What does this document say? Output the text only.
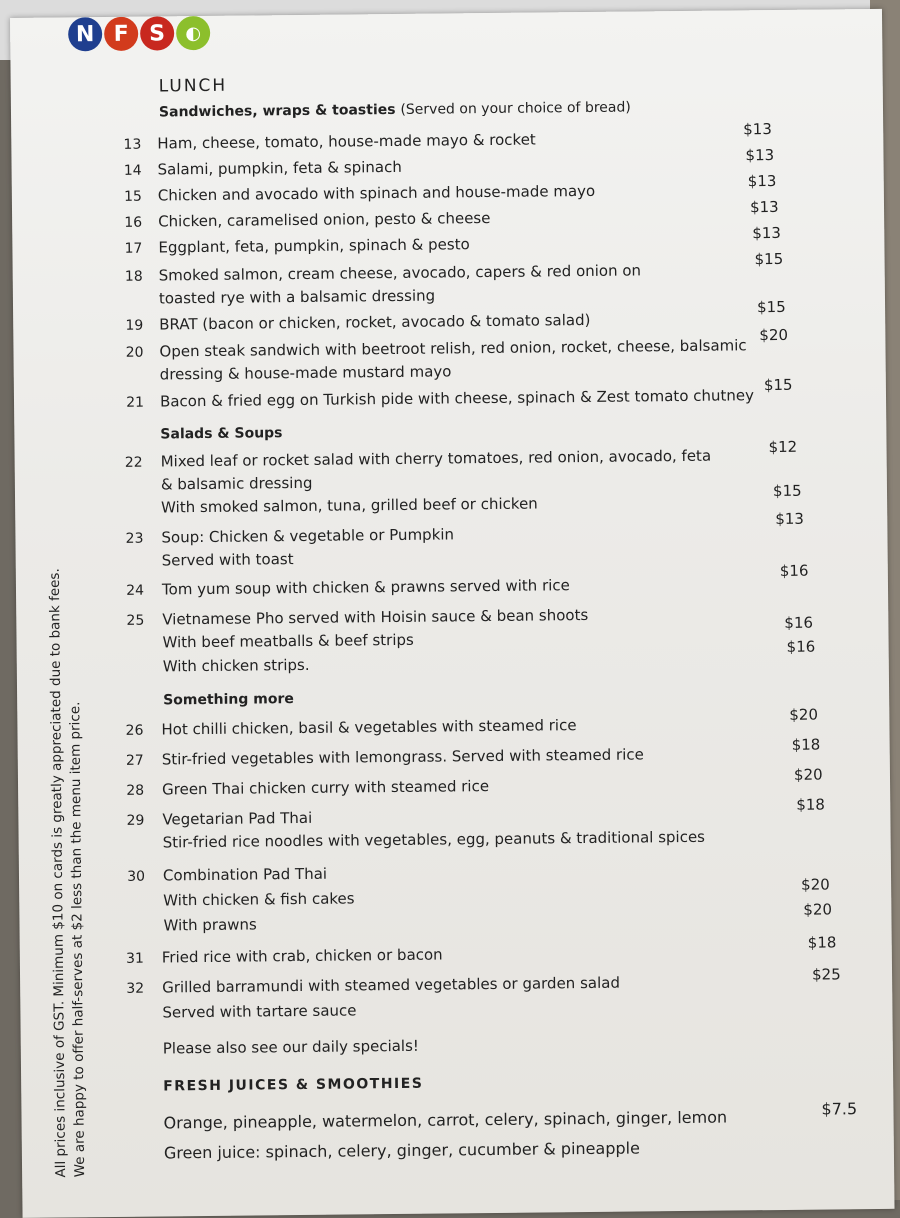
N F S	◐
LUNCH
Sandwiches, wraps & toasties (Served on your choice of bread)
13 Ham, cheese, tomato, house-made mayo & rocket
$13
14 Salami, pumpkin, feta & spinach
$13
15 Chicken and avocado with spinach and house-made mayo
$13
16 Chicken, caramelised onion, pesto & cheese
$13
17 Eggplant, feta, pumpkin, spinach & pesto
$13
18 Smoked salmon, cream cheese, avocado, capers & red onion on
toasted rye with a balsamic dressing
$15
19 BRAT (bacon or chicken, rocket, avocado & tomato salad)
$15
20 Open steak sandwich with beetroot relish, red onion, rocket, cheese, balsamic
dressing & house-made mustard mayo
$20
21 Bacon & fried egg on Turkish pide with cheese, spinach & Zest tomato chutney
$15
Salads & Soups
22 Mixed leaf or rocket salad with cherry tomatoes, red onion, avocado, feta
& balsamic dressing
With smoked salmon, tuna, grilled beef or chicken
$12
$15
23 Soup: Chicken & vegetable or Pumpkin
Served with toast
$13
24 Tom yum soup with chicken & prawns served with rice
$16
25 Vietnamese Pho served with Hoisin sauce & bean shoots
With beef meatballs & beef strips
With chicken strips.
$16
$16
Something more
26 Hot chilli chicken, basil & vegetables with steamed rice
$20
27 Stir-fried vegetables with lemongrass. Served with steamed rice
$18
28 Green Thai chicken curry with steamed rice
$20
29 Vegetarian Pad Thai
Stir-fried rice noodles with vegetables, egg, peanuts & traditional spices
$18
30 Combination Pad Thai
With chicken & fish cakes
With prawns
$20
$20
31 Fried rice with crab, chicken or bacon
$18
32 Grilled barramundi with steamed vegetables or garden salad
Served with tartare sauce
$25
Please also see our daily specials!
FRESH JUICES & SMOOTHIES
Orange, pineapple, watermelon, carrot, celery, spinach, ginger, lemon
Green juice: spinach, celery, ginger, cucumber & pineapple
$7.5
All prices inclusive of GST. Minimum $10 on cards is greatly appreciated due to bank fees.
We are happy to offer half-serves at $2 less than the menu item price.
